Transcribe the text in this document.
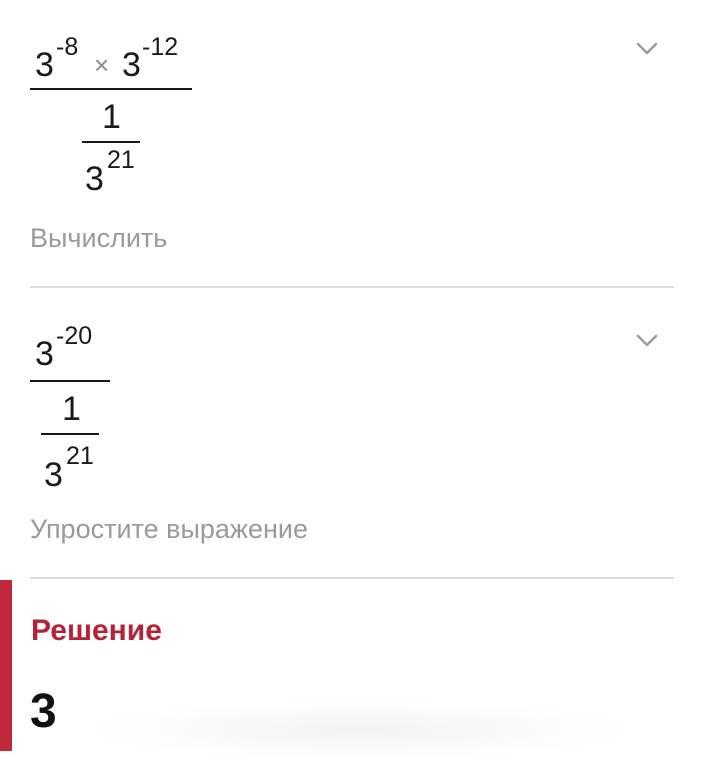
3 -8
× 3 -12
1
3 21
Вычислить
3 -20
1
3 21
Упростите выражение
Решение
3
